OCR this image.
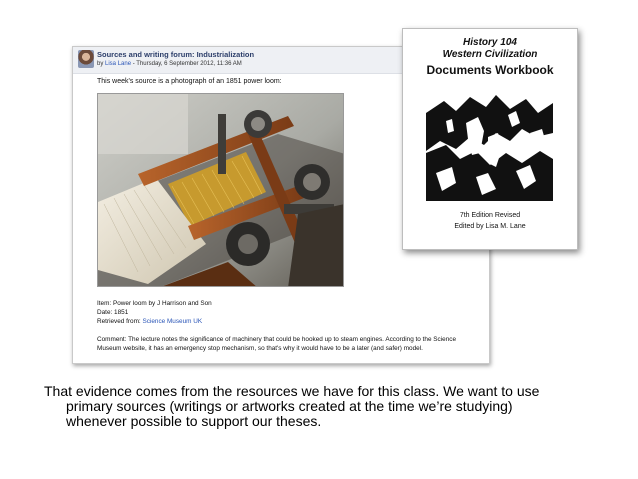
Sources and writing forum: Industrialization
by Lisa Lane - Thursday, 6 September 2012, 11:36 AM
This week's source is a photograph of an 1851 power loom:
Item: Power loom by J Harrison and Son
Date: 1851
Retrieved from: Science Museum UK
Comment: The lecture notes the significance of machinery that could be hooked up to steam engines. According to the Science Museum website, it has an emergency stop mechanism, so that's why it would have to be a later (and safer) model.
History 104
Western Civilization
Documents Workbook
7th Edition Revised
Edited by Lisa M. Lane
That evidence comes from the resources we have for this class. We want to use
primary sources (writings or artworks created at the time we’re studying)
whenever possible to support our theses.
